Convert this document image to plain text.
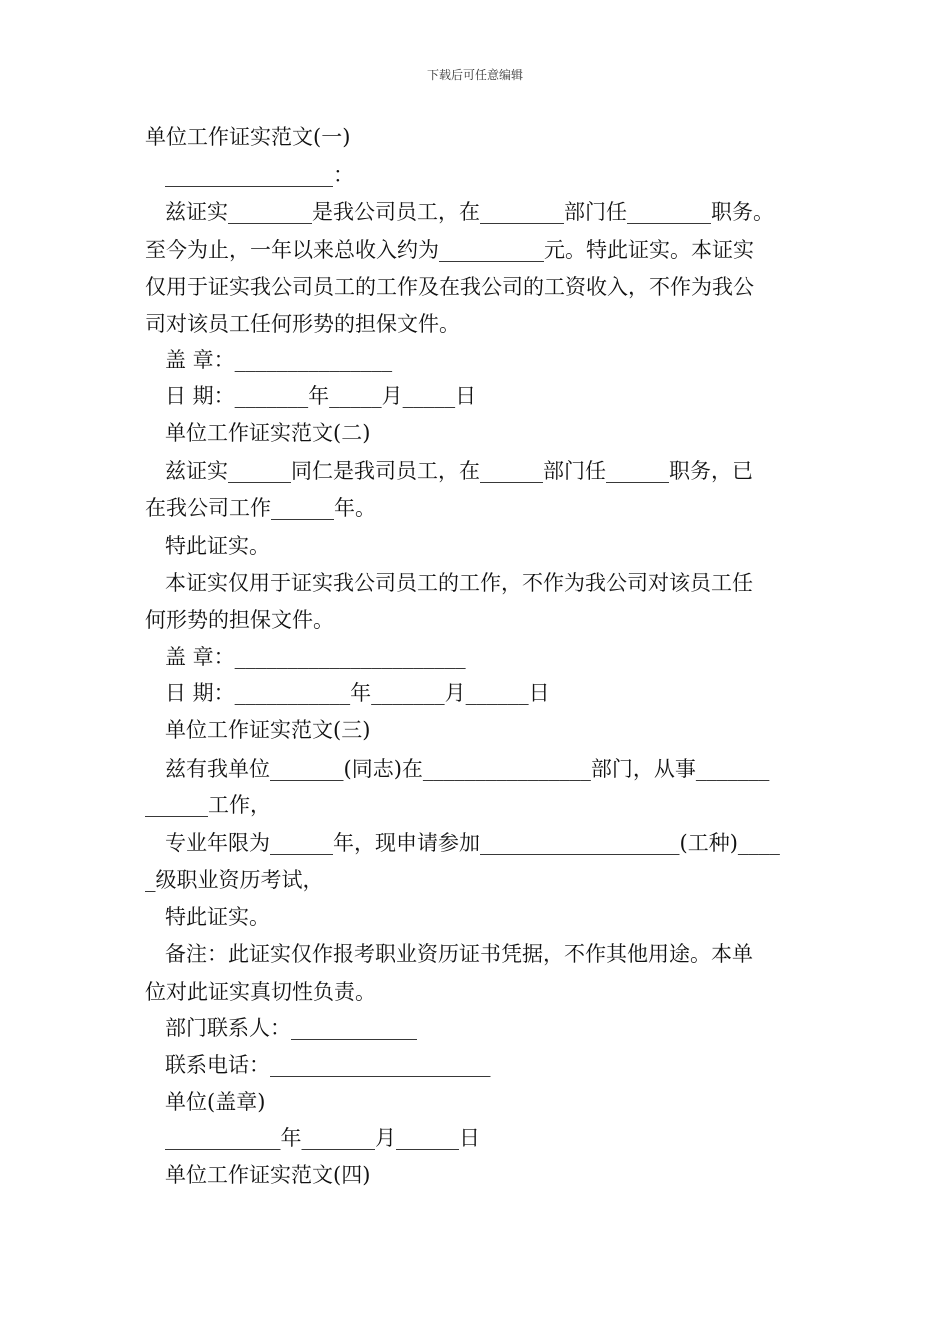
下载后可任意编辑
单位工作证实范文(一)
________________：
兹证实________是我公司员工，在________部门任________职务。
至今为止，一年以来总收入约为__________元。特此证实。本证实
仅用于证实我公司员工的工作及在我公司的工资收入，不作为我公
司对该员工任何形势的担保文件。
盖 章：_______________
日 期：_______年_____月_____日
单位工作证实范文(二)
兹证实______同仁是我司员工，在______部门任______职务，已
在我公司工作______年。
特此证实。
本证实仅用于证实我公司员工的工作，不作为我公司对该员工任
何形势的担保文件。
盖 章：______________________
日 期：___________年_______月______日
单位工作证实范文(三)
兹有我单位_______(同志)在________________部门，从事_______
______工作，
专业年限为______年，现申请参加___________________(工种)____
_级职业资历考试，
特此证实。
备注：此证实仅作报考职业资历证书凭据，不作其他用途。本单
位对此证实真切性负责。
部门联系人：____________
联系电话：_____________________
单位(盖章)
___________年_______月______日
单位工作证实范文(四)
